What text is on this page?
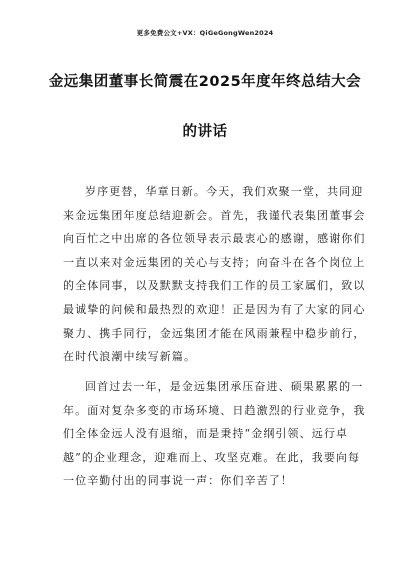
更多免费公文+VX：QiGeGongWen2024
金远集团董事长简震在2025年度年终总结大会
的讲话
岁序更替，华章日新。今天，我们欢聚一堂，共同迎
来金远集团年度总结迎新会。首先，我谨代表集团董事会
向百忙之中出席的各位领导表示最衷心的感谢，感谢你们
一直以来对金远集团的关心与支持；向奋斗在各个岗位上
的全体同事，以及默默支持我们工作的员工家属们，致以
最诚挚的问候和最热烈的欢迎！正是因为有了大家的同心
聚力、携手同行，金远集团才能在风雨兼程中稳步前行，
在时代浪潮中续写新篇。
回首过去一年，是金远集团承压奋进、硕果累累的一
年。面对复杂多变的市场环境、日趋激烈的行业竞争，我
们全体金远人没有退缩，而是秉持“金纲引领、远行卓
越”的企业理念，迎难而上、攻坚克难。在此，我要向每
一位辛勤付出的同事说一声：你们辛苦了！
